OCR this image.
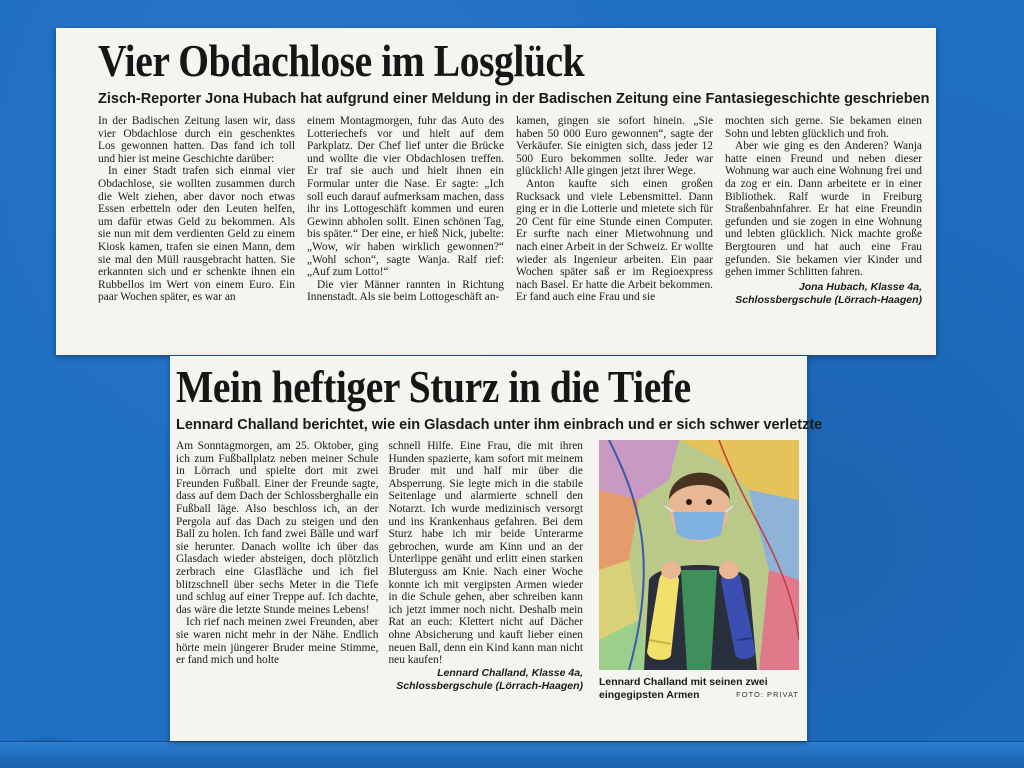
Vier Obdachlose im Losglück
Zisch-Reporter Jona Hubach hat aufgrund einer Meldung in der Badischen Zeitung eine Fantasiegeschichte geschrieben

In der Badischen Zeitung lasen wir, dass vier Obdachlose durch ein geschenktes Los gewonnen hatten. Das fand ich toll und hier ist meine Geschichte darüber:

In einer Stadt trafen sich einmal vier Obdachlose, sie wollten zusammen durch die Welt ziehen, aber davor noch etwas Essen erbetteln oder den Leuten helfen, um dafür etwas Geld zu bekommen. Als sie nun mit dem verdienten Geld zu einem Kiosk kamen, trafen sie einen Mann, dem sie mal den Müll rausgebracht hatten. Sie erkannten sich und er schenkte ihnen ein Rubbellos im Wert von einem Euro. Ein paar Wochen später, es war an

einem Montagmorgen, fuhr das Auto des Lotteriechefs vor und hielt auf dem Parkplatz. Der Chef lief unter die Brücke und wollte die vier Obdachlosen treffen. Er traf sie auch und hielt ihnen ein Formular unter die Nase. Er sagte: „Ich soll euch darauf aufmerksam machen, dass ihr ins Lottogeschäft kommen und euren Gewinn abholen sollt. Einen schönen Tag, bis später.“ Der eine, er hieß Nick, jubelte: „Wow, wir haben wirklich gewonnen?“ „Wohl schon“, sagte Wanja. Ralf rief: „Auf zum Lotto!“

Die vier Männer rannten in Richtung Innenstadt. Als sie beim Lottogeschäft an-

kamen, gingen sie sofort hinein. „Sie haben 50 000 Euro gewonnen“, sagte der Verkäufer. Sie einigten sich, dass jeder 12 500 Euro bekommen sollte. Jeder war glücklich! Alle gingen jetzt ihrer Wege.

Anton kaufte sich einen großen Rucksack und viele Lebensmittel. Dann ging er in die Lotterie und mietete sich für 20 Cent für eine Stunde einen Computer. Er surfte nach einer Mietwohnung und nach einer Arbeit in der Schweiz. Er wollte wieder als Ingenieur arbeiten. Ein paar Wochen später saß er im Regioexpress nach Basel. Er hatte die Arbeit bekommen. Er fand auch eine Frau und sie

mochten sich gerne. Sie bekamen einen Sohn und lebten glücklich und froh.

Aber wie ging es den Anderen? Wanja hatte einen Freund und neben dieser Wohnung war auch eine Wohnung frei und da zog er ein. Dann arbeitete er in einer Bibliothek. Ralf wurde in Freiburg Straßenbahnfahrer. Er hat eine Freundin gefunden und sie zogen in eine Wohnung und lebten glücklich. Nick machte große Bergtouren und hat auch eine Frau gefunden. Sie bekamen vier Kinder und gehen immer Schlitten fahren.

Jona Hubach, Klasse 4a,
Schlossbergschule (Lörrach-Haagen)
Mein heftiger Sturz in die Tiefe
Lennard Challand berichtet, wie ein Glasdach unter ihm einbrach und er sich schwer verletzte

Am Sonntagmorgen, am 25. Oktober, ging ich zum Fußballplatz neben meiner Schule in Lörrach und spielte dort mit zwei Freunden Fußball. Einer der Freunde sagte, dass auf dem Dach der Schlossberghalle ein Fußball läge. Also beschloss ich, an der Pergola auf das Dach zu steigen und den Ball zu holen. Ich fand zwei Bälle und warf sie herunter. Danach wollte ich über das Glasdach wieder absteigen, doch plötzlich zerbrach eine Glasfläche und ich fiel blitzschnell über sechs Meter in die Tiefe und schlug auf einer Treppe auf. Ich dachte, das wäre die letzte Stunde meines Lebens!

Ich rief nach meinen zwei Freunden, aber sie waren nicht mehr in der Nähe. Endlich hörte mein jüngerer Bruder meine Stimme, er fand mich und holte

schnell Hilfe. Eine Frau, die mit ihren Hunden spazierte, kam sofort mit meinem Bruder mit und half mir über die Absperrung. Sie legte mich in die stabile Seitenlage und alarmierte schnell den Notarzt. Ich wurde medizinisch versorgt und ins Krankenhaus gefahren. Bei dem Sturz habe ich mir beide Unterarme gebrochen, wurde am Kinn und an der Unterlippe genäht und erlitt einen starken Bluterguss am Knie. Nach einer Woche konnte ich mit vergipsten Armen wieder in die Schule gehen, aber schreiben kann ich jetzt immer noch nicht. Deshalb mein Rat an euch: Klettert nicht auf Dächer ohne Absicherung und kauft lieber einen neuen Ball, denn ein Kind kann man nicht neu kaufen!

Lennard Challand, Klasse 4a,
Schlossbergschule (Lörrach-Haagen) Lennard Challand mit seinen zwei eingegipsten Armen	FOTO: PRIVAT
